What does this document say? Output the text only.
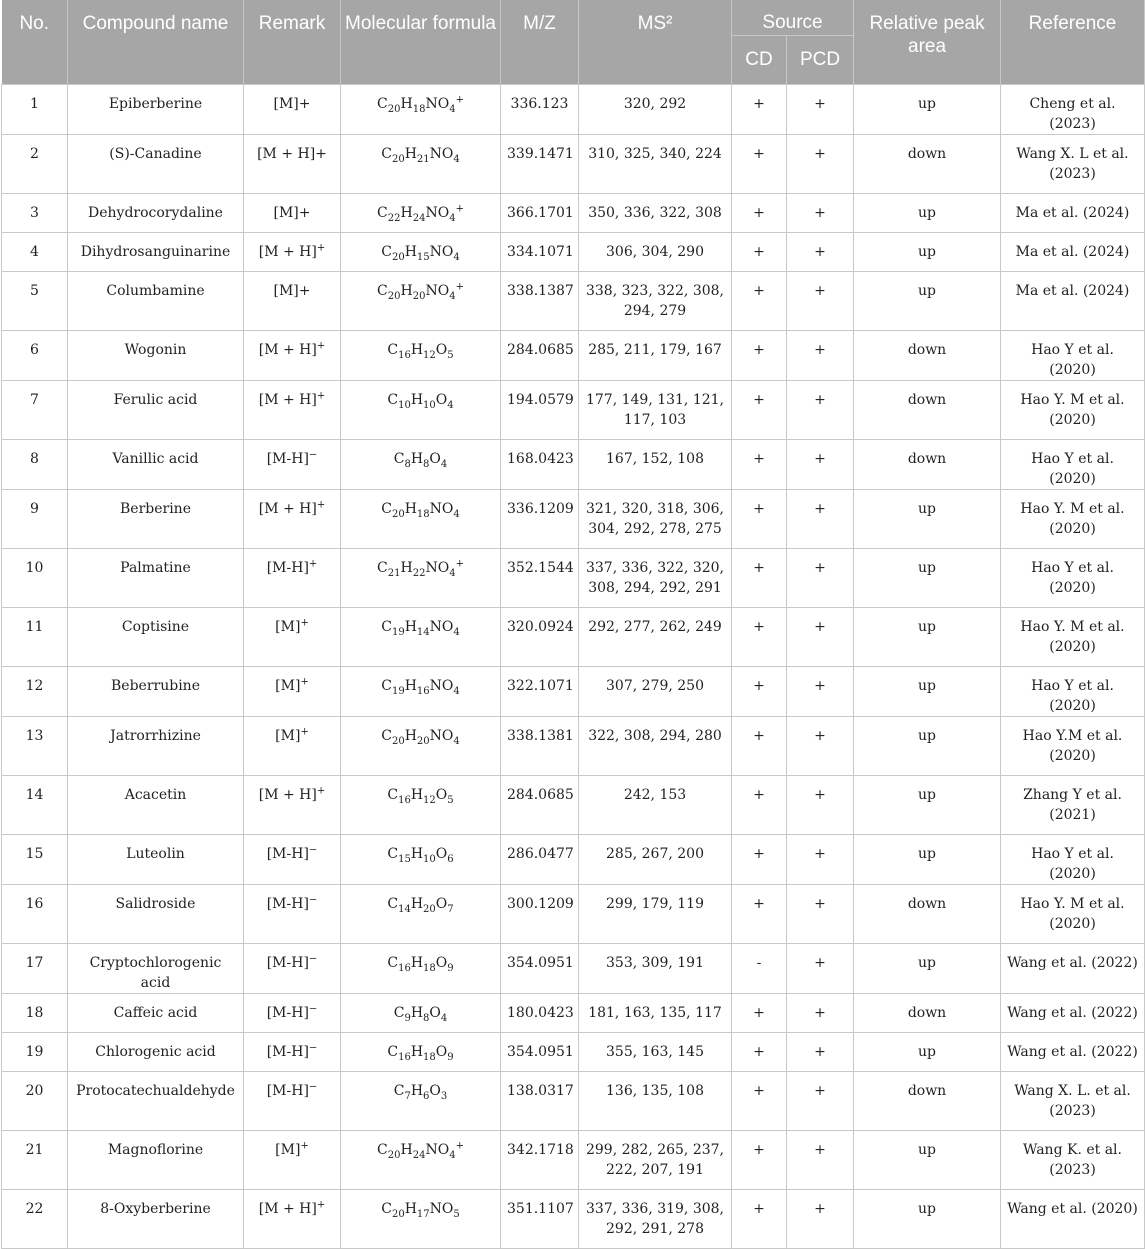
No.	Compound name	Remark	Molecular formula	M/Z	MS²	Source		Relative peak area	Reference
						CD	PCD		
1	Epiberberine	[M]+	$C_{20}H_{18}NO_4^+$	336.123	320, 292	+	+	up	Cheng et al. (2023)
2	(S)-Canadine	[M + H]+	$C_{20}H_{21}NO_4$	339.1471	310, 325, 340, 224	+	+	down	Wang X. L et al. (2023)
3	Dehydrocorydaline	[M]+	$C_{22}H_{24}NO_4^+$	366.1701	350, 336, 322, 308	+	+	up	Ma et al. (2024)
4	Dihydrosanguinarine	[M + H]+	$C_{20}H_{15}NO_4$	334.1071	306, 304, 290	+	+	up	Ma et al. (2024)
5	Columbamine	[M]+	$C_{20}H_{20}NO_4^+$	338.1387	338, 323, 322, 308, 294, 279	+	+	up	Ma et al. (2024)
6	Wogonin	[M + H]+	$C_{16}H_{12}O_5$	284.0685	285, 211, 179, 167	+	+	down	Hao Y et al. (2020)
7	Ferulic acid	[M + H]+	$C_{10}H_{10}O_4$	194.0579	177, 149, 131, 121, 117, 103	+	+	down	Hao Y. M et al. (2020)
8	Vanillic acid	[M-H]−	$C_8H_8O_4$	168.0423	167, 152, 108	+	+	down	Hao Y et al. (2020)
9	Berberine	[M + H]+	$C_{20}H_{18}NO_4$	336.1209	321, 320, 318, 306, 304, 292, 278, 275	+	+	up	Hao Y. M et al. (2020)
10	Palmatine	[M-H]+	$C_{21}H_{22}NO_4^+$	352.1544	337, 336, 322, 320, 308, 294, 292, 291	+	+	up	Hao Y et al. (2020)
11	Coptisine	[M]+	$C_{19}H_{14}NO_4$	320.0924	292, 277, 262, 249	+	+	up	Hao Y. M et al. (2020)
12	Beberrubine	[M]+	$C_{19}H_{16}NO_4$	322.1071	307, 279, 250	+	+	up	Hao Y et al. (2020)
13	Jatrorrhizine	[M]+	$C_{20}H_{20}NO_4$	338.1381	322, 308, 294, 280	+	+	up	Hao Y.M et al. (2020)
14	Acacetin	[M + H]+	$C_{16}H_{12}O_5$	284.0685	242, 153	+	+	up	Zhang Y et al. (2021)
15	Luteolin	[M-H]−	$C_{15}H_{10}O_6$	286.0477	285, 267, 200	+	+	up	Hao Y et al. (2020)
16	Salidroside	[M-H]−	$C_{14}H_{20}O_7$	300.1209	299, 179, 119	+	+	down	Hao Y. M et al. (2020)
17	Cryptochlorogenic acid	[M-H]−	$C_{16}H_{18}O_9$	354.0951	353, 309, 191	-	+	up	Wang et al. (2022)
18	Caffeic acid	[M-H]−	$C_9H_8O_4$	180.0423	181, 163, 135, 117	+	+	down	Wang et al. (2022)
19	Chlorogenic acid	[M-H]−	$C_{16}H_{18}O_9$	354.0951	355, 163, 145	+	+	up	Wang et al. (2022)
20	Protocatechualdehyde	[M-H]−	$C_7H_6O_3$	138.0317	136, 135, 108	+	+	down	Wang X. L. et al. (2023)
21	Magnoflorine	[M]+	$C_{20}H_{24}NO_4^+$	342.1718	299, 282, 265, 237, 222, 207, 191	+	+	up	Wang K. et al. (2023)
22	8-Oxyberberine	[M + H]+	$C_{20}H_{17}NO_5$	351.1107	337, 336, 319, 308, 292, 291, 278	+	+	up	Wang et al. (2020)
